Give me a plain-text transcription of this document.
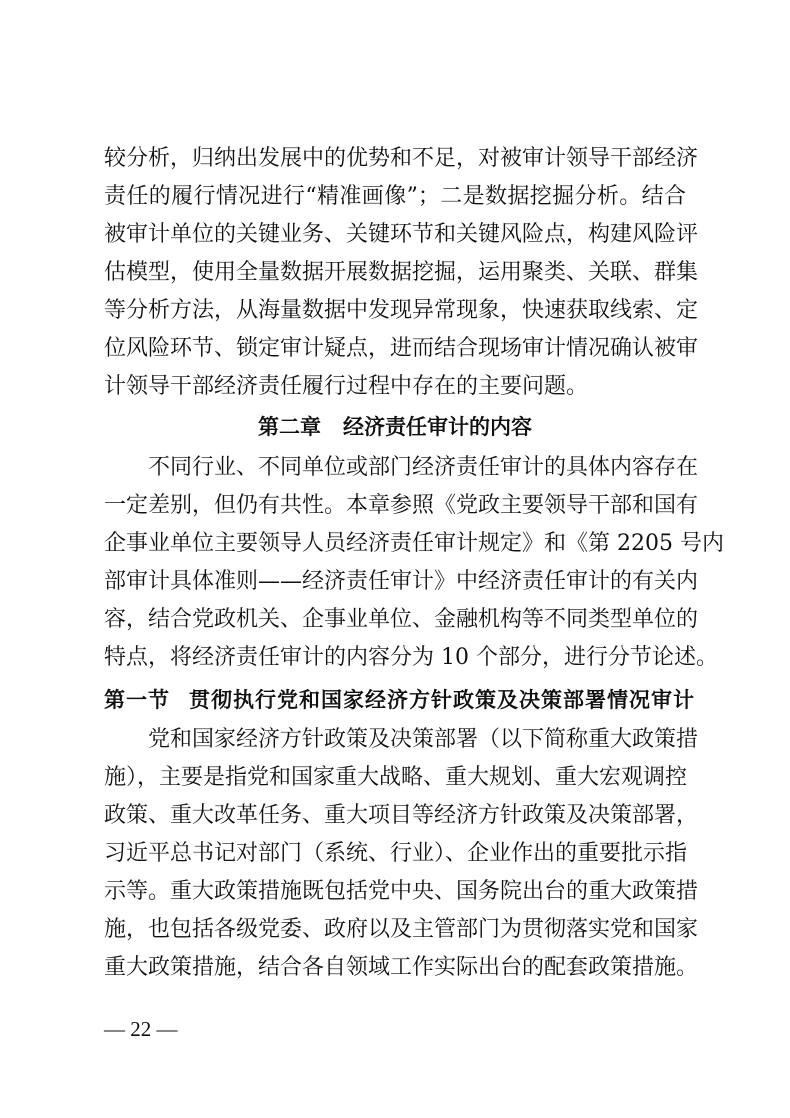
较分析，归纳出发展中的优势和不足，对被审计领导干部经济
责任的履行情况进行“精准画像”；二是数据挖掘分析。结合
被审计单位的关键业务、关键环节和关键风险点，构建风险评
估模型，使用全量数据开展数据挖掘，运用聚类、关联、群集
等分析方法，从海量数据中发现异常现象，快速获取线索、定
位风险环节、锁定审计疑点，进而结合现场审计情况确认被审
计领导干部经济责任履行过程中存在的主要问题。
第二章 经济责任审计的内容
不同行业、不同单位或部门经济责任审计的具体内容存在
一定差别，但仍有共性。本章参照《党政主要领导干部和国有
企事业单位主要领导人员经济责任审计规定》和《第 2205 号内
部审计具体准则——经济责任审计》中经济责任审计的有关内
容，结合党政机关、企事业单位、金融机构等不同类型单位的
特点，将经济责任审计的内容分为 10 个部分，进行分节论述。
第一节 贯彻执行党和国家经济方针政策及决策部署情况审计
党和国家经济方针政策及决策部署（以下简称重大政策措
施），主要是指党和国家重大战略、重大规划、重大宏观调控
政策、重大改革任务、重大项目等经济方针政策及决策部署，
习近平总书记对部门（系统、行业）、企业作出的重要批示指
示等。重大政策措施既包括党中央、国务院出台的重大政策措
施，也包括各级党委、政府以及主管部门为贯彻落实党和国家
重大政策措施，结合各自领域工作实际出台的配套政策措施。
— 22 —
